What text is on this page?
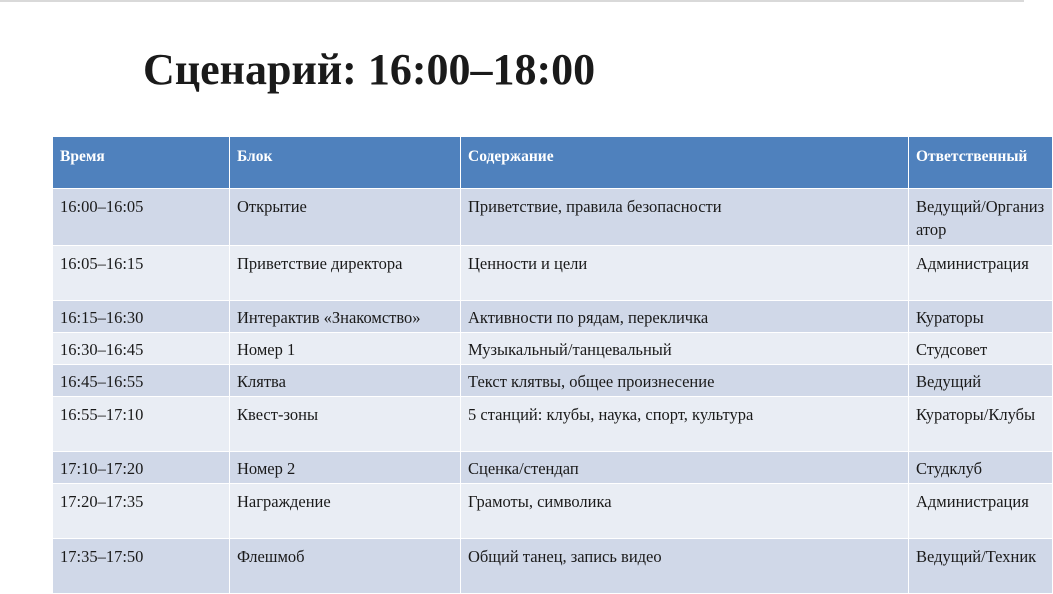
Сценарий: 16:00–18:00
Время	Блок	Содержание	Ответственный
16:00–16:05	Открытие	Приветствие, правила безопасности	Ведущий/Организатор
16:05–16:15	Приветствие директора	Ценности и цели	Администрация
16:15–16:30	Интерактив «Знакомство»	Активности по рядам, перекличка	Кураторы
16:30–16:45	Номер 1	Музыкальный/танцевальный	Студсовет
16:45–16:55	Клятва	Текст клятвы, общее произнесение	Ведущий
16:55–17:10	Квест-зоны	5 станций: клубы, наука, спорт, культура	Кураторы/Клубы
17:10–17:20	Номер 2	Сценка/стендап	Студклуб
17:20–17:35	Награждение	Грамоты, символика	Администрация
17:35–17:50	Флешмоб	Общий танец, запись видео	Ведущий/Техник
